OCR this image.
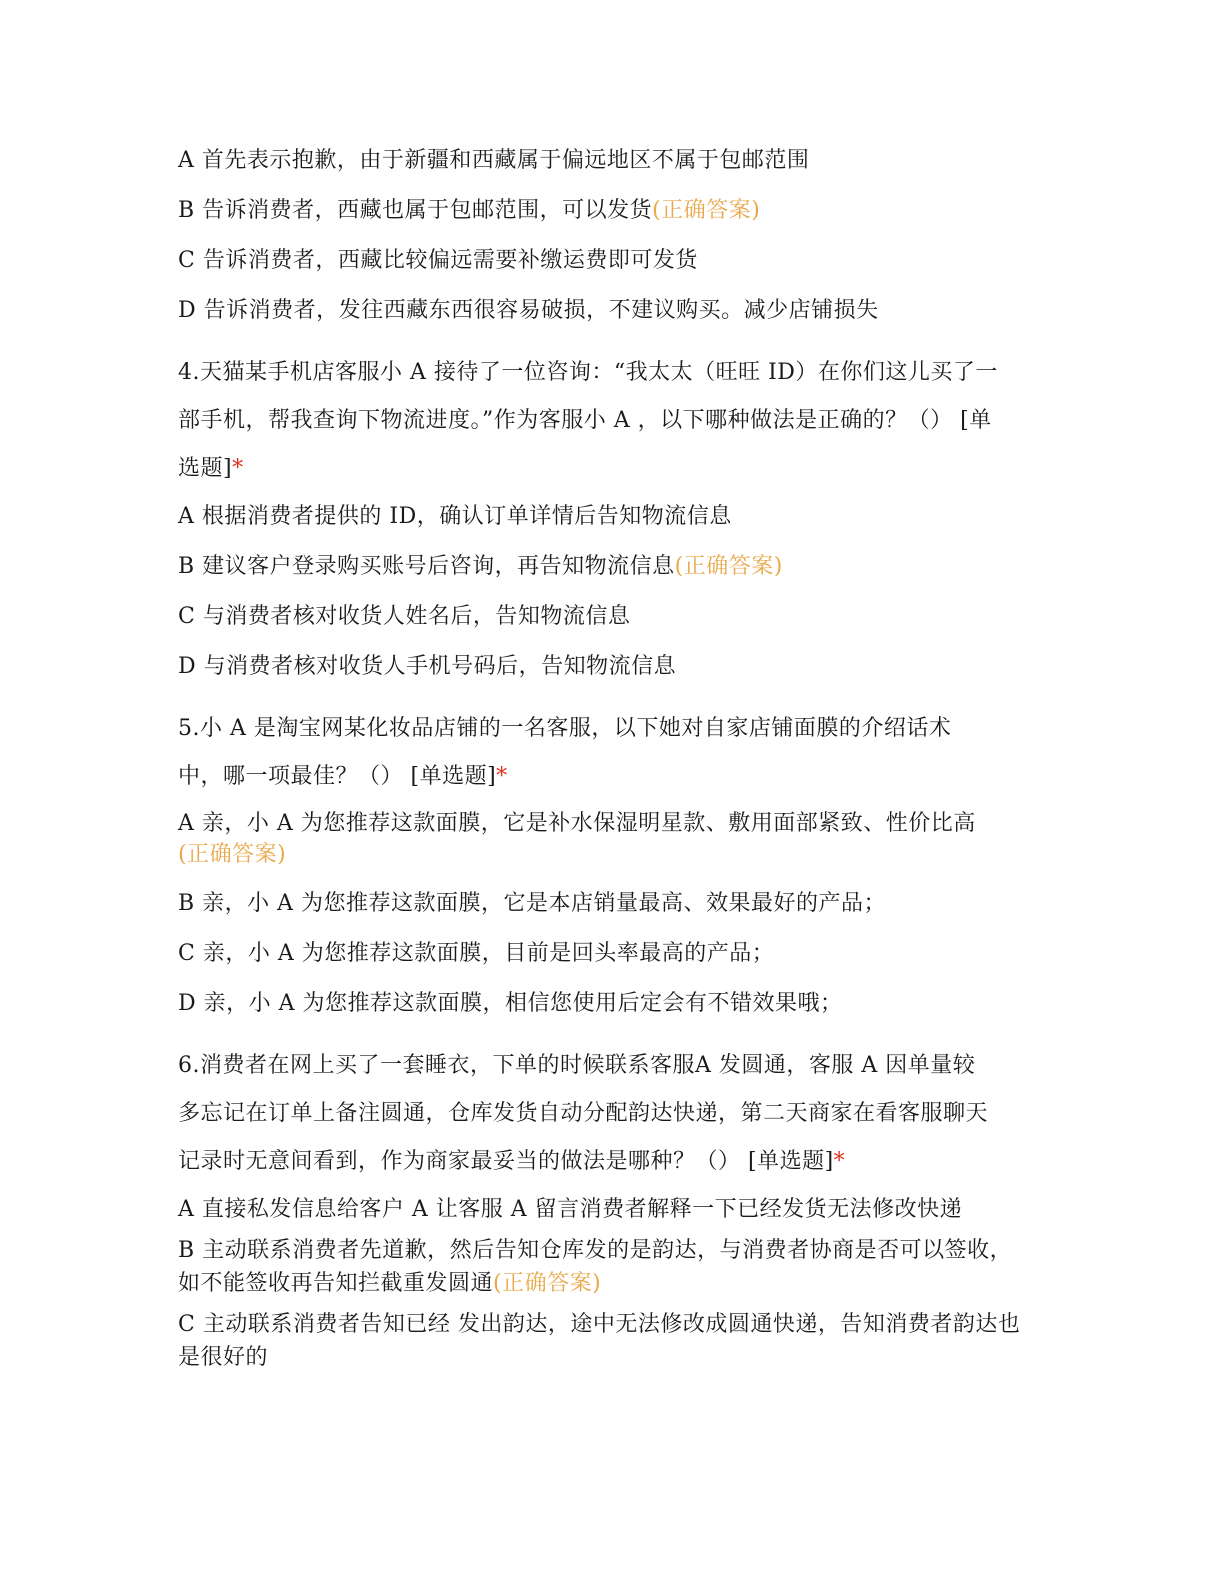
A 首先表示抱歉，由于新疆和西藏属于偏远地区不属于包邮范围
B 告诉消费者，西藏也属于包邮范围，可以发货(正确答案)
C 告诉消费者，西藏比较偏远需要补缴运费即可发货
D 告诉消费者，发往西藏东西很容易破损，不建议购买。减少店铺损失
4.天猫某手机店客服小 A 接待了一位咨询：“我太太（旺旺 ID）在你们这儿买了一
部手机，帮我查询下物流进度。”作为客服小 A ，以下哪种做法是正确的？（） [单
选题]*
A 根据消费者提供的 ID，确认订单详情后告知物流信息
B 建议客户登录购买账号后咨询，再告知物流信息(正确答案)
C 与消费者核对收货人姓名后，告知物流信息
D 与消费者核对收货人手机号码后，告知物流信息
5.小 A 是淘宝网某化妆品店铺的一名客服，以下她对自家店铺面膜的介绍话术
中，哪一项最佳？（） [单选题]*
A 亲，小 A 为您推荐这款面膜，它是补水保湿明星款、敷用面部紧致、性价比高
(正确答案)
B 亲，小 A 为您推荐这款面膜，它是本店销量最高、效果最好的产品；
C 亲，小 A 为您推荐这款面膜，目前是回头率最高的产品；
D 亲，小 A 为您推荐这款面膜，相信您使用后定会有不错效果哦；
6.消费者在网上买了一套睡衣，下单的时候联系客服A 发圆通，客服 A 因单量较
多忘记在订单上备注圆通，仓库发货自动分配韵达快递，第二天商家在看客服聊天
记录时无意间看到，作为商家最妥当的做法是哪种？（） [单选题]*
A 直接私发信息给客户 A 让客服 A 留言消费者解释一下已经发货无法修改快递
B 主动联系消费者先道歉，然后告知仓库发的是韵达，与消费者协商是否可以签收，如不能签收再告知拦截重发圆通(正确答案)
C 主动联系消费者告知已经 发出韵达，途中无法修改成圆通快递，告知消费者韵达也是很好的
